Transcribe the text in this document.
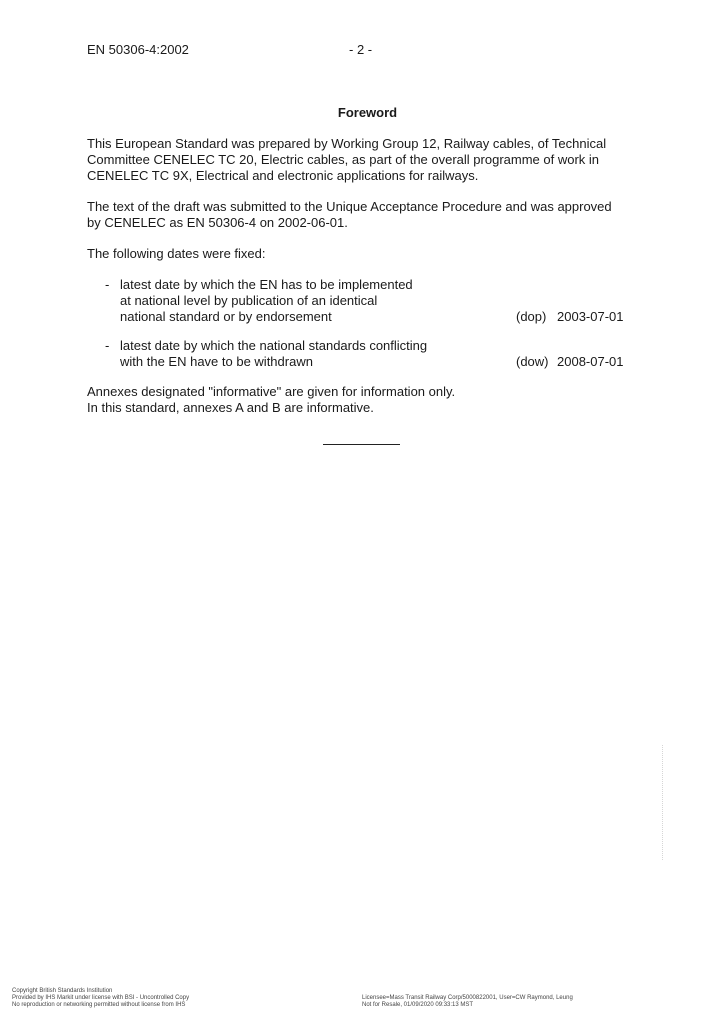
EN 50306-4:2002	- 2 -
Foreword
This European Standard was prepared by Working Group 12, Railway cables, of Technical
Committee CENELEC TC 20, Electric cables, as part of the overall programme of work in
CENELEC TC 9X, Electrical and electronic applications for railways.
The text of the draft was submitted to the Unique Acceptance Procedure and was approved
by CENELEC as EN 50306-4 on 2002-06-01.
The following dates were fixed:
- latest date by which the EN has to be implemented
at national level by publication of an identical
national standard or by endorsement	(dop) 2003-07-01
- latest date by which the national standards conflicting
with the EN have to be withdrawn	(dow) 2008-07-01
Annexes designated "informative" are given for information only.
In this standard, annexes A and B are informative.
Copyright British Standards Institution
Provided by IHS Markit under license with BSI - Uncontrolled Copy
No reproduction or networking permitted without license from IHS
Licensee=Mass Transit Railway Corp/5000822001, User=CW Raymond, Leung
Not for Resale, 01/09/2020 09:33:13 MST
